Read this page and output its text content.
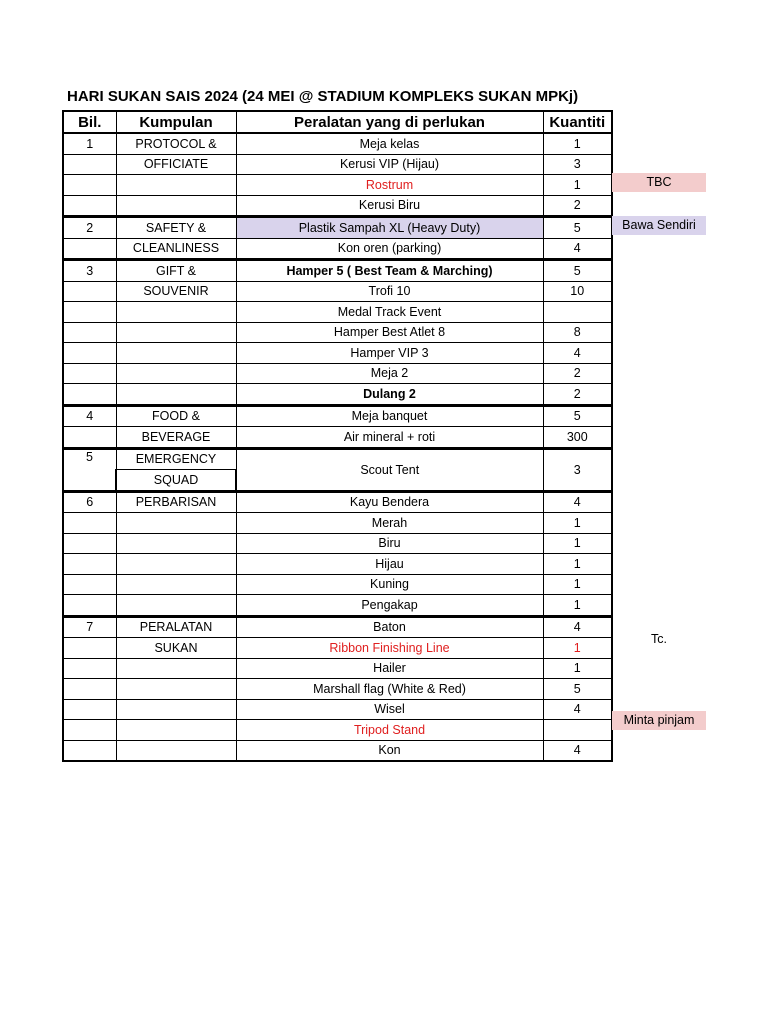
HARI SUKAN SAIS 2024 (24 MEI @ STADIUM KOMPLEKS SUKAN MPKj)
Bil.	Kumpulan	Peralatan yang di perlukan	Kuantiti
1	PROTOCOL &	Meja kelas	1
	OFFICIATE	Kerusi VIP (Hijau)	3
		Rostrum	1
		Kerusi Biru	2
2	SAFETY &	Plastik Sampah XL (Heavy Duty)	5
	CLEANLINESS	Kon oren (parking)	4
3	GIFT &	Hamper 5 ( Best Team & Marching)	5
	SOUVENIR	Trofi 10	10
		Medal Track Event	
		Hamper Best Atlet 8	8
		Hamper VIP 3	4
		Meja 2	2
		Dulang 2	2
4	FOOD &	Meja banquet	5
	BEVERAGE	Air mineral + roti	300
5	EMERGENCY	Scout Tent	3
	SQUAD		
6	PERBARISAN	Kayu Bendera	4
		Merah	1
		Biru	1
		Hijau	1
		Kuning	1
		Pengakap	1
7	PERALATAN	Baton	4
	SUKAN	Ribbon Finishing Line	1
		Hailer	1
		Marshall flag (White & Red)	5
		Wisel	4
		Tripod Stand	
		Kon	4
TBC
Bawa Sendiri
Tc.
Minta pinjam
